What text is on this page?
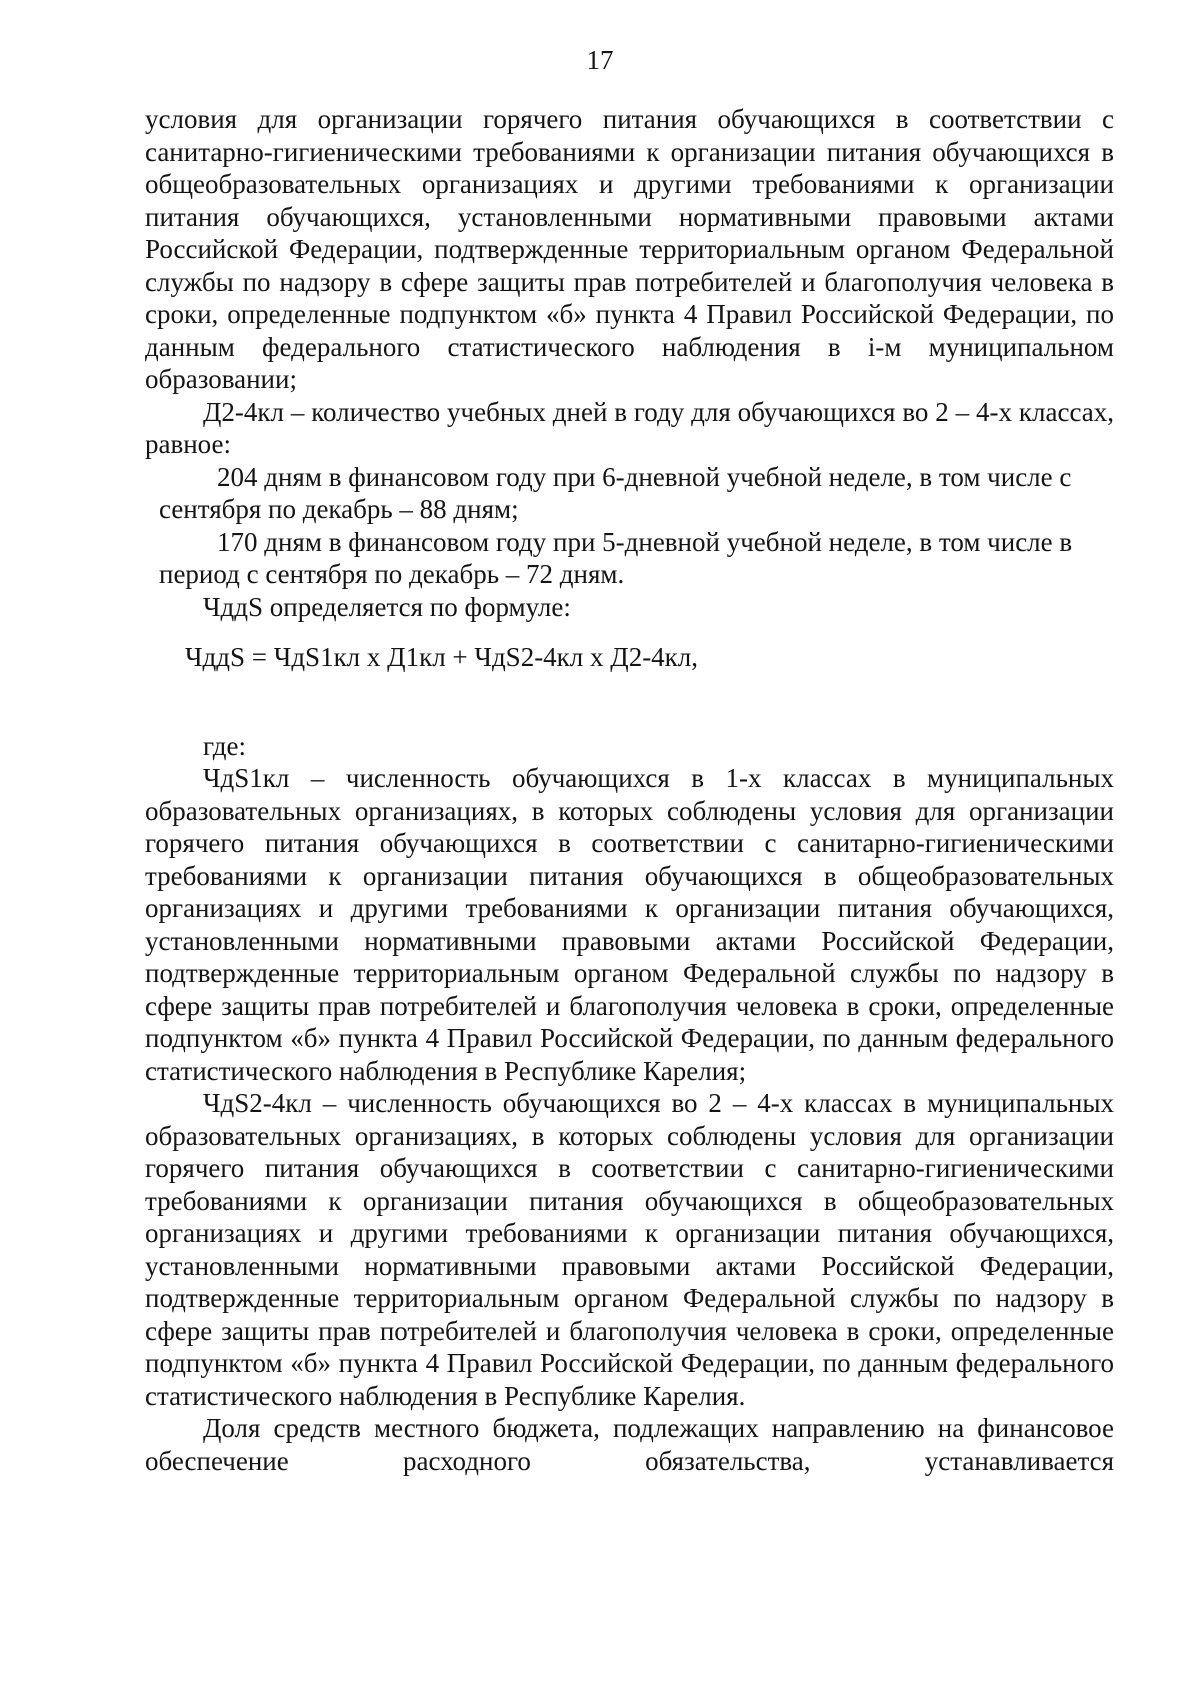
17

условия для организации горячего питания обучающихся в соответствии с санитарно-гигиеническими требованиями к организации питания обучающихся в общеобразовательных организациях и другими требованиями к организации питания обучающихся, установленными нормативными правовыми актами Российской Федерации, подтвержденные территориальным органом Федеральной службы по надзору в сфере защиты прав потребителей и благополучия человека в сроки, определенные подпунктом «б» пункта 4 Правил Российской Федерации, по данным федерального статистического наблюдения в i-м муниципальном образовании;

Д2-4кл – количество учебных дней в году для обучающихся во 2 – 4-х классах, равное:

204 дням в финансовом году при 6-дневной учебной неделе, в том числе с сентября по декабрь – 88 дням;

170 дням в финансовом году при 5-дневной учебной неделе, в том числе в период с сентября по декабрь – 72 дням.

ЧддS определяется по формуле:

ЧддS = ЧдS1кл х Д1кл + ЧдS2-4кл х Д2-4кл,

где:

ЧдS1кл – численность обучающихся в 1-х классах в муниципальных образовательных организациях, в которых соблюдены условия для организации горячего питания обучающихся в соответствии с санитарно-гигиеническими требованиями к организации питания обучающихся в общеобразовательных организациях и другими требованиями к организации питания обучающихся, установленными нормативными правовыми актами Российской Федерации, подтвержденные территориальным органом Федеральной службы по надзору в сфере защиты прав потребителей и благополучия человека в сроки, определенные подпунктом «б» пункта 4 Правил Российской Федерации, по данным федерального статистического наблюдения в Республике Карелия;

ЧдS2-4кл – численность обучающихся во 2 – 4-х классах в муниципальных образовательных организациях, в которых соблюдены условия для организации горячего питания обучающихся в соответствии с санитарно-гигиеническими требованиями к организации питания обучающихся в общеобразовательных организациях и другими требованиями к организации питания обучающихся, установленными нормативными правовыми актами Российской Федерации, подтвержденные территориальным органом Федеральной службы по надзору в сфере защиты прав потребителей и благополучия человека в сроки, определенные подпунктом «б» пункта 4 Правил Российской Федерации, по данным федерального статистического наблюдения в Республике Карелия.

Доля средств местного бюджета, подлежащих направлению на финансовое обеспечение расходного обязательства, устанавливается
